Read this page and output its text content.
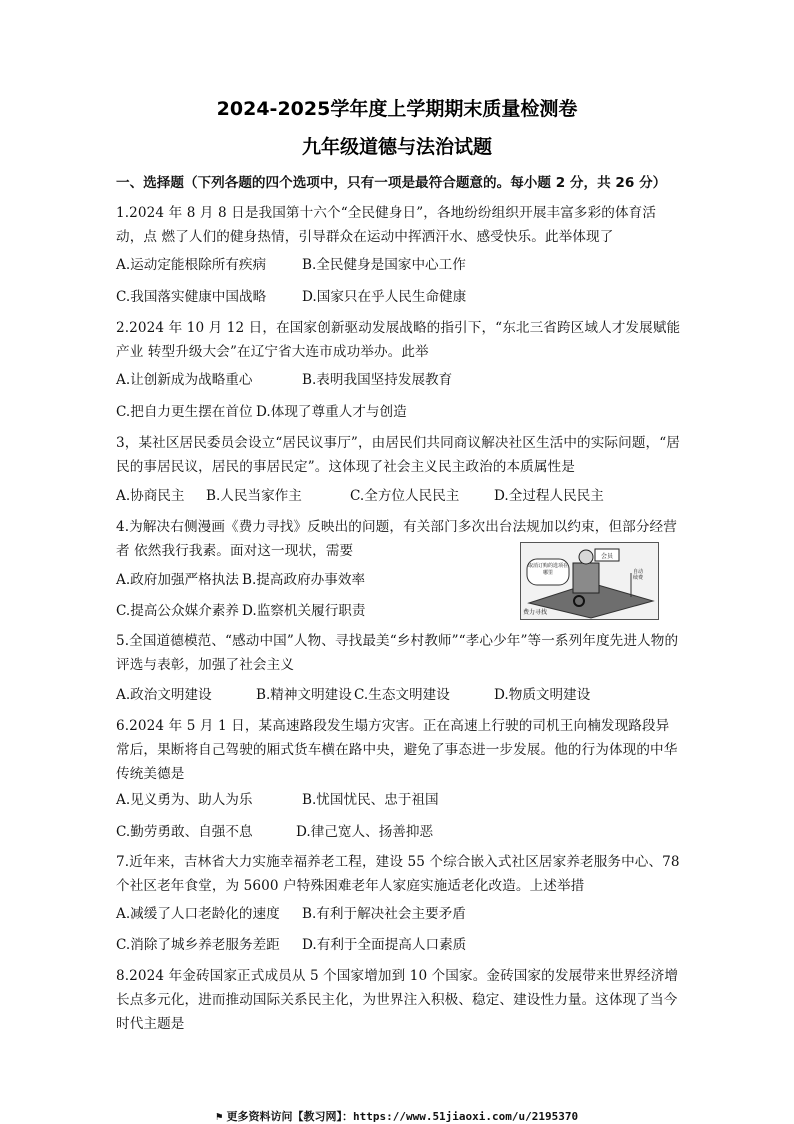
2024-2025学年度上学期期末质量检测卷
九年级道德与法治试题
一、选择题（下列各题的四个选项中，只有一项是最符合题意的。每小题 2 分，共 26 分）
1.2024 年 8 月 8 日是我国第十六个“全民健身日”，各地纷纷组织开展丰富多彩的体育活动，点 燃了人们的健身热情，引导群众在运动中挥洒汗水、感受快乐。此举体现了
A.运动定能根除所有疾病	B.全民健身是国家中心工作
C.我国落实健康中国战略	D.国家只在乎人民生命健康
2.2024 年 10 月 12 日，在国家创新驱动发展战略的指引下，“东北三省跨区域人才发展赋能产业 转型升级大会”在辽宁省大连市成功举办。此举
A.让创新成为战略重心	B.表明我国坚持发展教育
C.把自力更生摆在首位 D.体现了尊重人才与创造
3，某社区居民委员会设立“居民议事厅”，由居民们共同商议解决社区生活中的实际问题，“居民的事居民议，居民的事居民定”。这体现了社会主义民主政治的本质属性是
A.协商民主 B.人民当家作主	C.全方位人民民主	D.全过程人民民主
4.为解决右侧漫画《费力寻找》反映出的问题，有关部门多次出台法规加以约束，但部分经营者 依然我行我素。面对这一现状，需要
A.政府加强严格执法 B.提高政府办事效率
C.提高公众媒介素养 D.监察机关履行职责
取消订购的选项在哪里
会员
自动续费
费力寻找
5.全国道德模范、“感动中国”人物、寻找最美“乡村教师”“孝心少年”等一系列年度先进人物的 评选与表彰，加强了社会主义
A.政治文明建设	B.精神文明建设 C.生态文明建设	D.物质文明建设
6.2024 年 5 月 1 日，某高速路段发生塌方灾害。正在高速上行驶的司机王向楠发现路段异常后，果断将自己驾驶的厢式货车横在路中央，避免了事态进一步发展。他的行为体现的中华传统美德是
A.见义勇为、助人为乐	B.忧国忧民、忠于祖国
C.勤劳勇敢、自强不息	D.律己宽人、扬善抑恶
7.近年来，吉林省大力实施幸福养老工程，建设 55 个综合嵌入式社区居家养老服务中心、78 个社区老年食堂，为 5600 户特殊困难老年人家庭实施适老化改造。上述举措
A.减缓了人口老龄化的速度 B.有利于解决社会主要矛盾
C.消除了城乡养老服务差距 D.有利于全面提高人口素质
8.2024 年金砖国家正式成员从 5 个国家增加到 10 个国家。金砖国家的发展带来世界经济增长点多元化，进而推动国际关系民主化，为世界注入积极、稳定、建设性力量。这体现了当今时代主题是
⚑ 更多资料访问【教习网】：https://www.51jiaoxi.com/u/2195370
